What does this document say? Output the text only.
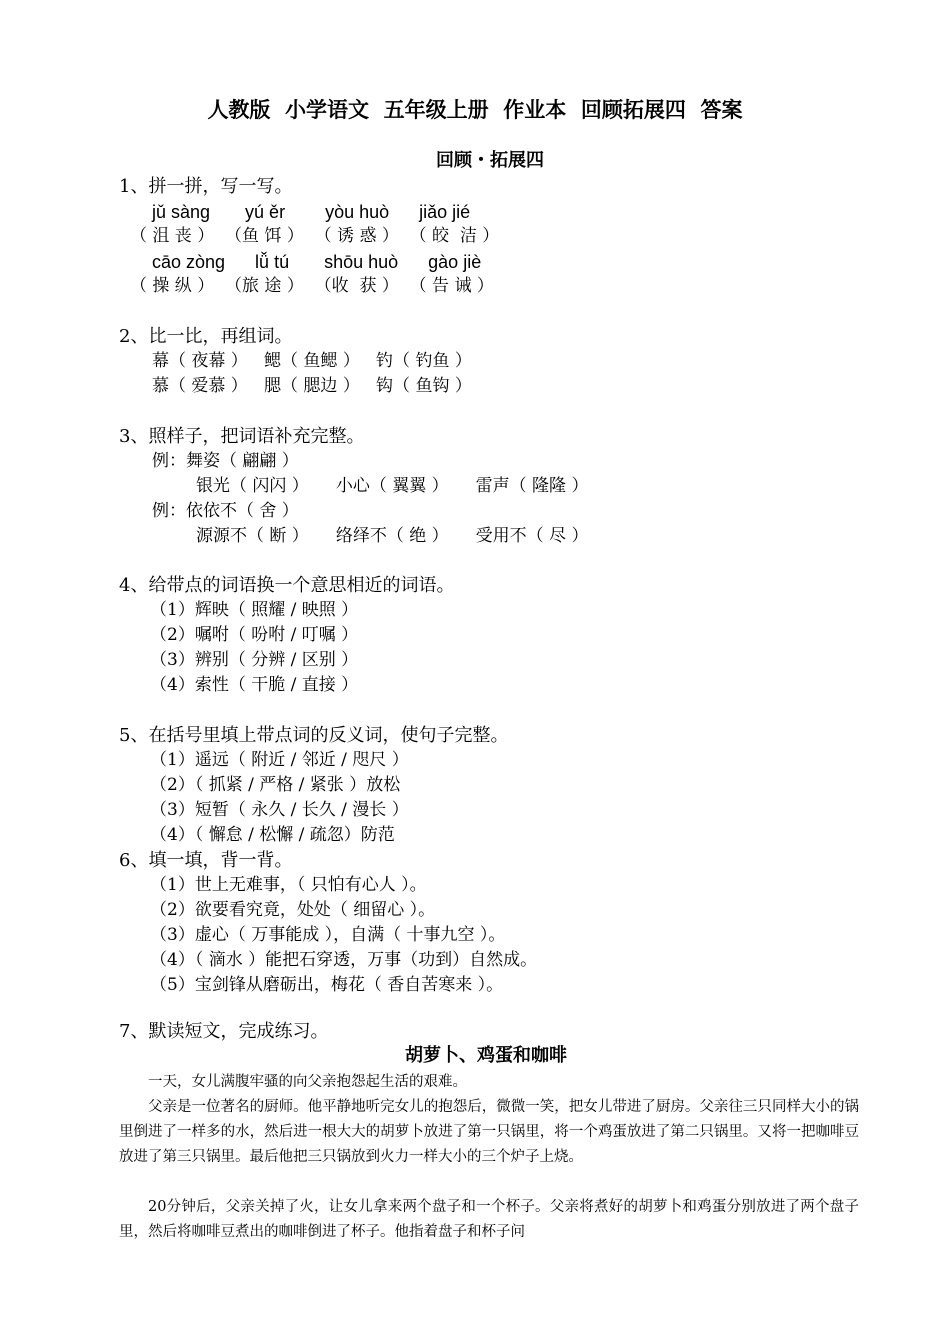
人教版  小学语文  五年级上册  作业本  回顾拓展四  答案
回顾・拓展四
1、拼一拼，写一写。
jǔ sàng       yú ěr        yòu huò      jiǎo jié
（ 沮 丧 ）  （鱼 饵 ）  （ 诱 惑 ）  （ 皎  洁 ）
cāo zòng      lǚ tú       shōu huò      gào jiè
（ 操 纵 ）  （旅 途 ）  （收  获 ）  （ 告 诫 ）
2、比一比，再组词。
幕（ 夜幕 ）   鳃（ 鱼鳃 ）   钓（ 钓鱼 ）
慕（ 爱慕 ）   腮（ 腮边 ）   钩（ 鱼钩 ）
3、照样子，把词语补充完整。
例：舞姿（ 翩翩 ）
银光（ 闪闪 ）     小心（ 翼翼 ）     雷声（ 隆隆 ）
例：依依不（ 舍 ）
源源不（ 断 ）     络绎不（ 绝 ）     受用不（ 尽 ）
4、给带点的词语换一个意思相近的词语。
（1）辉映（ 照耀 / 映照 ）
（2）嘱咐（ 吩咐 / 叮嘱 ）
（3）辨别（ 分辨 / 区别 ）
（4）索性（ 干脆 / 直接 ）
5、在括号里填上带点词的反义词，使句子完整。
（1）遥远（ 附近 / 邻近 / 咫尺 ）
（2）（ 抓紧 / 严格 / 紧张 ）放松
（3）短暂（ 永久 / 长久 / 漫长 ）
（4）（ 懈怠 / 松懈 / 疏忽）防范
6、填一填，背一背。
（1）世上无难事，（ 只怕有心人 ）。
（2）欲要看究竟，处处（ 细留心 ）。
（3）虚心（ 万事能成 ），自满（ 十事九空 ）。
（4）（ 滴水 ）能把石穿透，万事（功到）自然成。
（5）宝剑锋从磨砺出，梅花（ 香自苦寒来 ）。
7、默读短文，完成练习。
胡萝卜、鸡蛋和咖啡
一天，女儿满腹牢骚的向父亲抱怨起生活的艰难。
父亲是一位著名的厨师。他平静地听完女儿的抱怨后，微微一笑，把女儿带进了厨房。父亲往三只同样大小的锅里倒进了一样多的水，然后进一根大大的胡萝卜放进了第一只锅里，将一个鸡蛋放进了第二只锅里。又将一把咖啡豆放进了第三只锅里。最后他把三只锅放到火力一样大小的三个炉子上烧。
20分钟后，父亲关掉了火，让女儿拿来两个盘子和一个杯子。父亲将煮好的胡萝卜和鸡蛋分别放进了两个盘子里，然后将咖啡豆煮出的咖啡倒进了杯子。他指着盘子和杯子问
